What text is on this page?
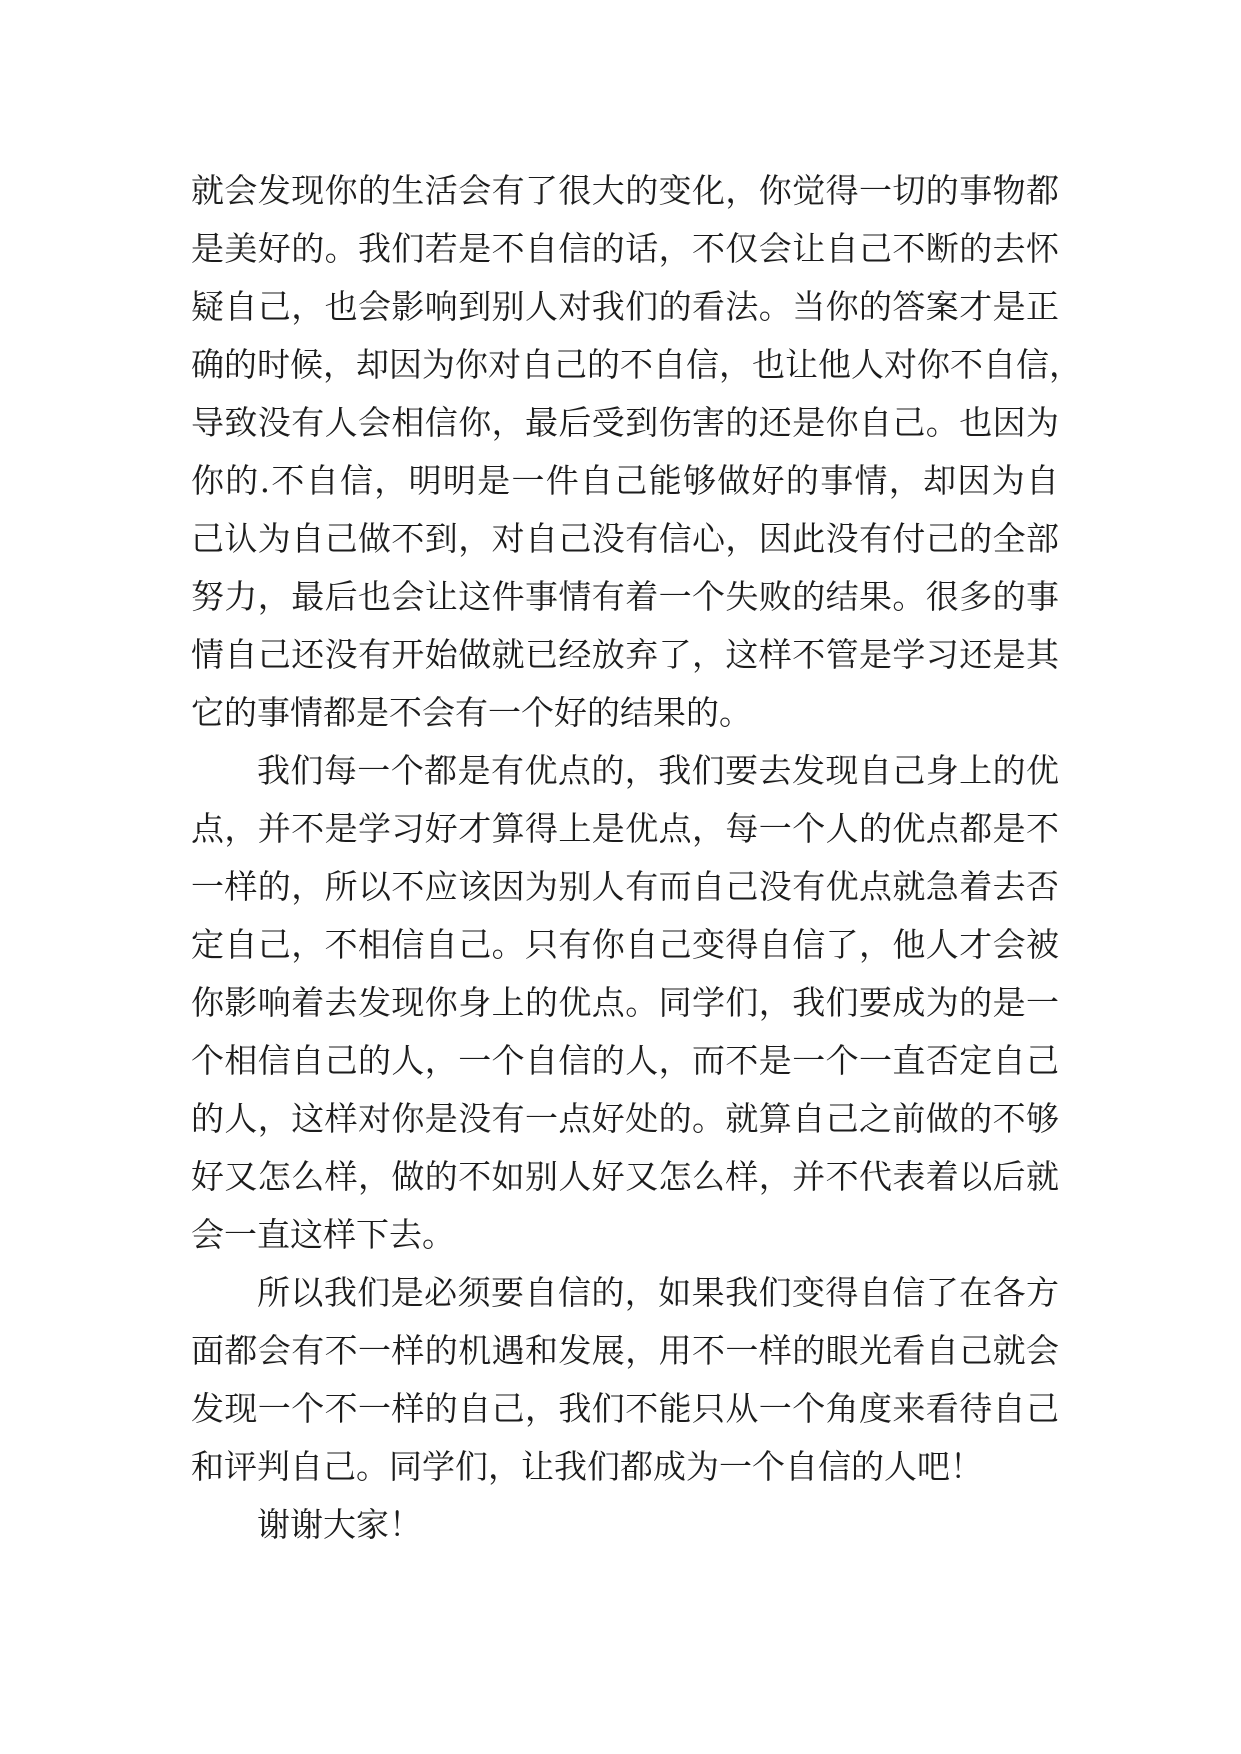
就会发现你的生活会有了很大的变化，你觉得一切的事物都
是美好的。我们若是不自信的话，不仅会让自己不断的去怀
疑自己，也会影响到别人对我们的看法。当你的答案才是正
确的时候，却因为你对自己的不自信，也让他人对你不自信，
导致没有人会相信你，最后受到伤害的还是你自己。也因为
你的.不自信，明明是一件自己能够做好的事情，却因为自
己认为自己做不到，对自己没有信心，因此没有付己的全部
努力，最后也会让这件事情有着一个失败的结果。很多的事
情自己还没有开始做就已经放弃了，这样不管是学习还是其
它的事情都是不会有一个好的结果的。
我们每一个都是有优点的，我们要去发现自己身上的优
点，并不是学习好才算得上是优点，每一个人的优点都是不
一样的，所以不应该因为别人有而自己没有优点就急着去否
定自己，不相信自己。只有你自己变得自信了，他人才会被
你影响着去发现你身上的优点。同学们，我们要成为的是一
个相信自己的人，一个自信的人，而不是一个一直否定自己
的人，这样对你是没有一点好处的。就算自己之前做的不够
好又怎么样，做的不如别人好又怎么样，并不代表着以后就
会一直这样下去。
所以我们是必须要自信的，如果我们变得自信了在各方
面都会有不一样的机遇和发展，用不一样的眼光看自己就会
发现一个不一样的自己，我们不能只从一个角度来看待自己
和评判自己。同学们，让我们都成为一个自信的人吧！
谢谢大家！
